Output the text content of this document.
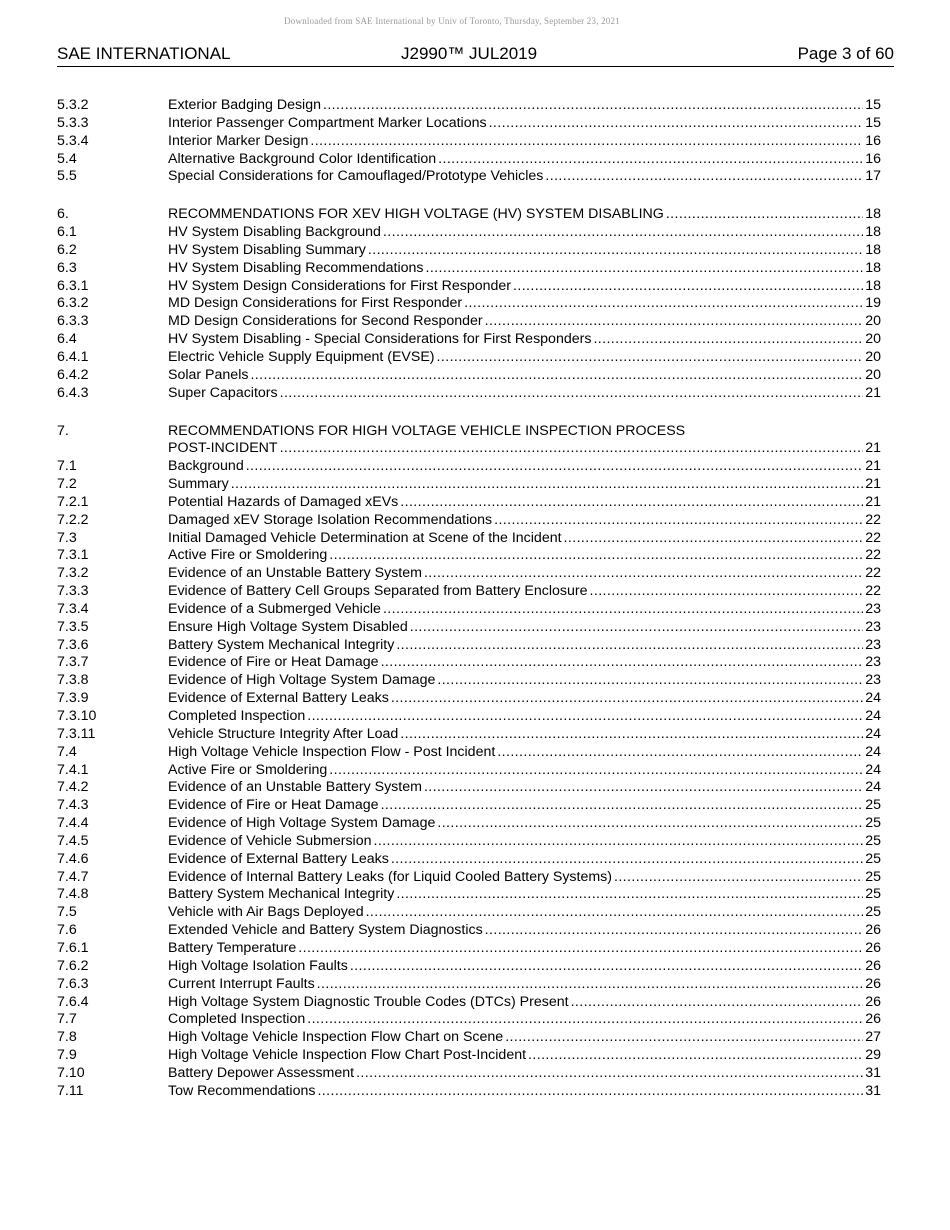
Downloaded from SAE International by Univ of Toronto, Thursday, September 23, 2021
SAE INTERNATIONAL	J2990™ JUL2019	Page 3 of 60
5.3.2	Exterior Badging Design .....	15
5.3.3	Interior Passenger Compartment Marker Locations .....	15
5.3.4	Interior Marker Design .....	16
5.4	Alternative Background Color Identification .....	16
5.5	Special Considerations for Camouflaged/Prototype Vehicles .....	17
6.	RECOMMENDATIONS FOR XEV HIGH VOLTAGE (HV) SYSTEM DISABLING .....	18
6.1	HV System Disabling Background .....	18
6.2	HV System Disabling Summary .....	18
6.3	HV System Disabling Recommendations .....	18
6.3.1	HV System Design Considerations for First Responder .....	18
6.3.2	MD Design Considerations for First Responder .....	19
6.3.3	MD Design Considerations for Second Responder .....	20
6.4	HV System Disabling - Special Considerations for First Responders .....	20
6.4.1	Electric Vehicle Supply Equipment (EVSE) .....	20
6.4.2	Solar Panels .....	20
6.4.3	Super Capacitors .....	21
7.	RECOMMENDATIONS FOR HIGH VOLTAGE VEHICLE INSPECTION PROCESS
POST-INCIDENT .....	21
7.1	Background .....	21
7.2	Summary .....	21
7.2.1	Potential Hazards of Damaged xEVs .....	21
7.2.2	Damaged xEV Storage Isolation Recommendations .....	22
7.3	Initial Damaged Vehicle Determination at Scene of the Incident .....	22
7.3.1	Active Fire or Smoldering .....	22
7.3.2	Evidence of an Unstable Battery System .....	22
7.3.3	Evidence of Battery Cell Groups Separated from Battery Enclosure .....	22
7.3.4	Evidence of a Submerged Vehicle .....	23
7.3.5	Ensure High Voltage System Disabled .....	23
7.3.6	Battery System Mechanical Integrity .....	23
7.3.7	Evidence of Fire or Heat Damage .....	23
7.3.8	Evidence of High Voltage System Damage .....	23
7.3.9	Evidence of External Battery Leaks .....	24
7.3.10	Completed Inspection .....	24
7.3.11	Vehicle Structure Integrity After Load .....	24
7.4	High Voltage Vehicle Inspection Flow - Post Incident .....	24
7.4.1	Active Fire or Smoldering .....	24
7.4.2	Evidence of an Unstable Battery System .....	24
7.4.3	Evidence of Fire or Heat Damage .....	25
7.4.4	Evidence of High Voltage System Damage .....	25
7.4.5	Evidence of Vehicle Submersion .....	25
7.4.6	Evidence of External Battery Leaks .....	25
7.4.7	Evidence of Internal Battery Leaks (for Liquid Cooled Battery Systems) .....	25
7.4.8	Battery System Mechanical Integrity .....	25
7.5	Vehicle with Air Bags Deployed .....	25
7.6	Extended Vehicle and Battery System Diagnostics .....	26
7.6.1	Battery Temperature .....	26
7.6.2	High Voltage Isolation Faults .....	26
7.6.3	Current Interrupt Faults .....	26
7.6.4	High Voltage System Diagnostic Trouble Codes (DTCs) Present .....	26
7.7	Completed Inspection .....	26
7.8	High Voltage Vehicle Inspection Flow Chart on Scene .....	27
7.9	High Voltage Vehicle Inspection Flow Chart Post-Incident .....	29
7.10	Battery Depower Assessment .....	31
7.11	Tow Recommendations .....	31
